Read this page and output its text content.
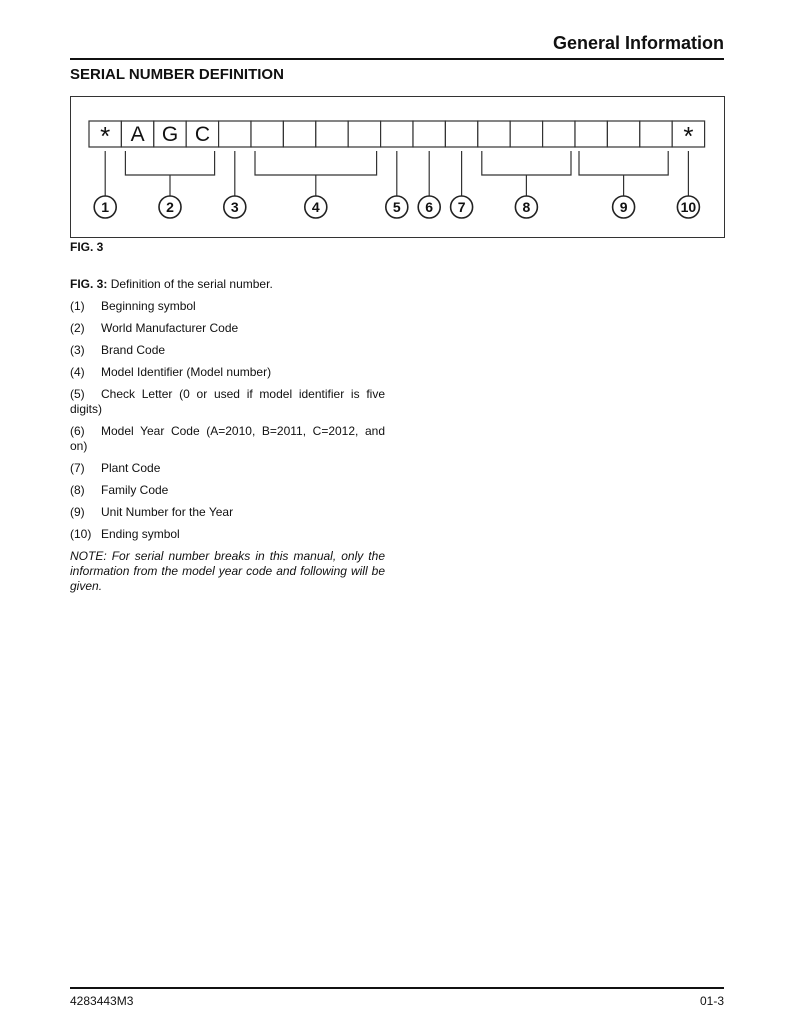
General Information
SERIAL NUMBER DEFINITION
* A G C	*
1	2	3	4	5 6 7	8	9	10
FIG. 3

FIG. 3: Definition of the serial number.

(1) Beginning symbol

(2) World Manufacturer Code

(3) Brand Code

(4) Model Identifier (Model number)

(5) Check Letter (0 or used if model identifier is five digits)

(6) Model Year Code (A=2010, B=2011, C=2012, and on)

(7) Plant Code

(8) Family Code

(9) Unit Number for the Year

(10) Ending symbol

NOTE: For serial number breaks in this manual, only the information from the model year code and following will be given.

4283443M3	01-3
